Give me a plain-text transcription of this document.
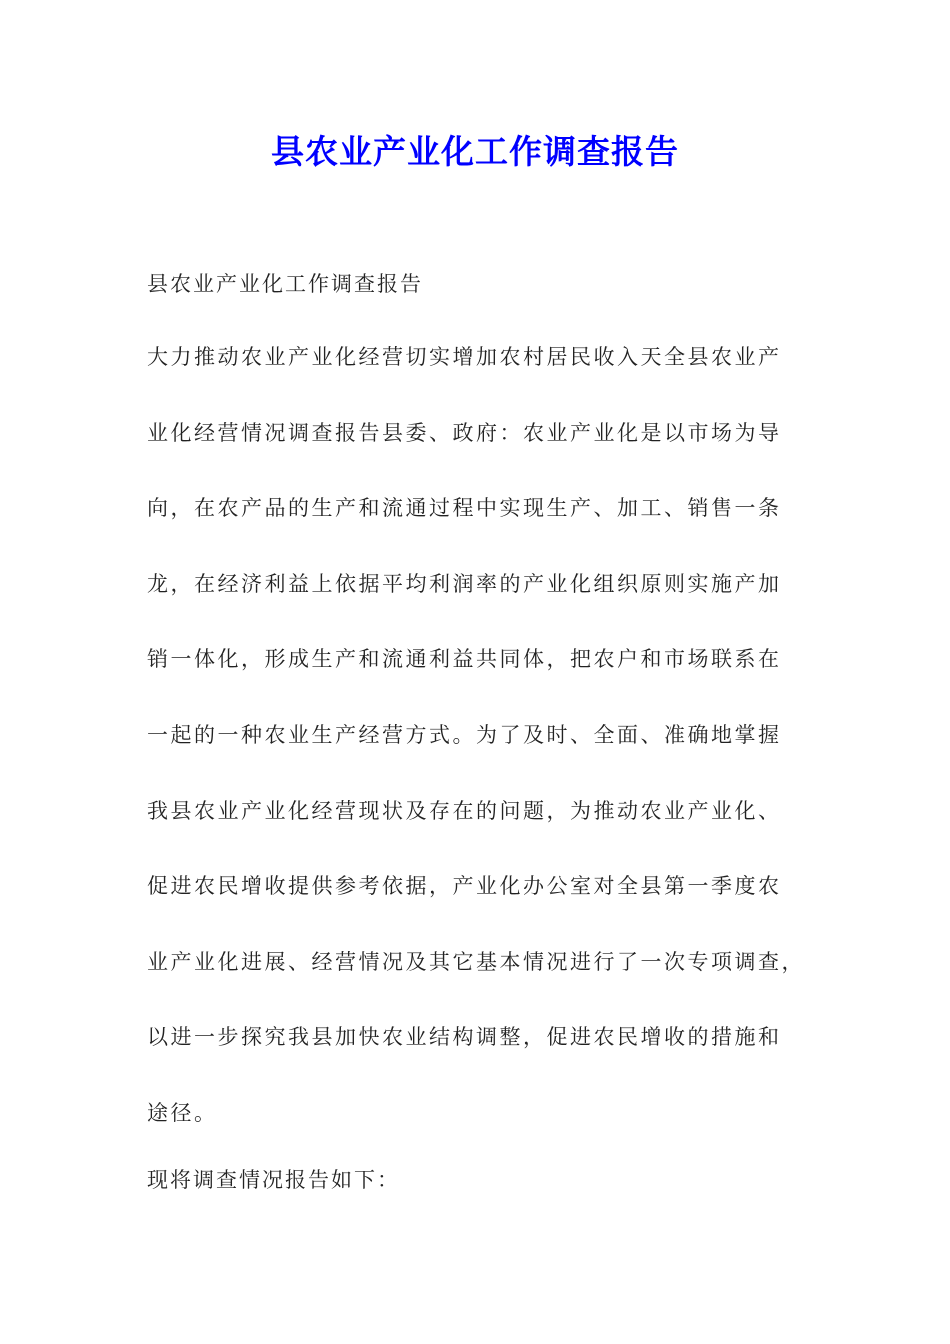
县农业产业化工作调查报告

县农业产业化工作调查报告

大力推动农业产业化经营切实增加农村居民收入天全县农业产
业化经营情况调查报告县委、政府：农业产业化是以市场为导
向，在农产品的生产和流通过程中实现生产、加工、销售一条
龙，在经济利益上依据平均利润率的产业化组织原则实施产加
销一体化，形成生产和流通利益共同体，把农户和市场联系在
一起的一种农业生产经营方式。为了及时、全面、准确地掌握
我县农业产业化经营现状及存在的问题，为推动农业产业化、
促进农民增收提供参考依据，产业化办公室对全县第一季度农
业产业化进展、经营情况及其它基本情况进行了一次专项调查，
以进一步探究我县加快农业结构调整，促进农民增收的措施和
途径。

现将调查情况报告如下：
